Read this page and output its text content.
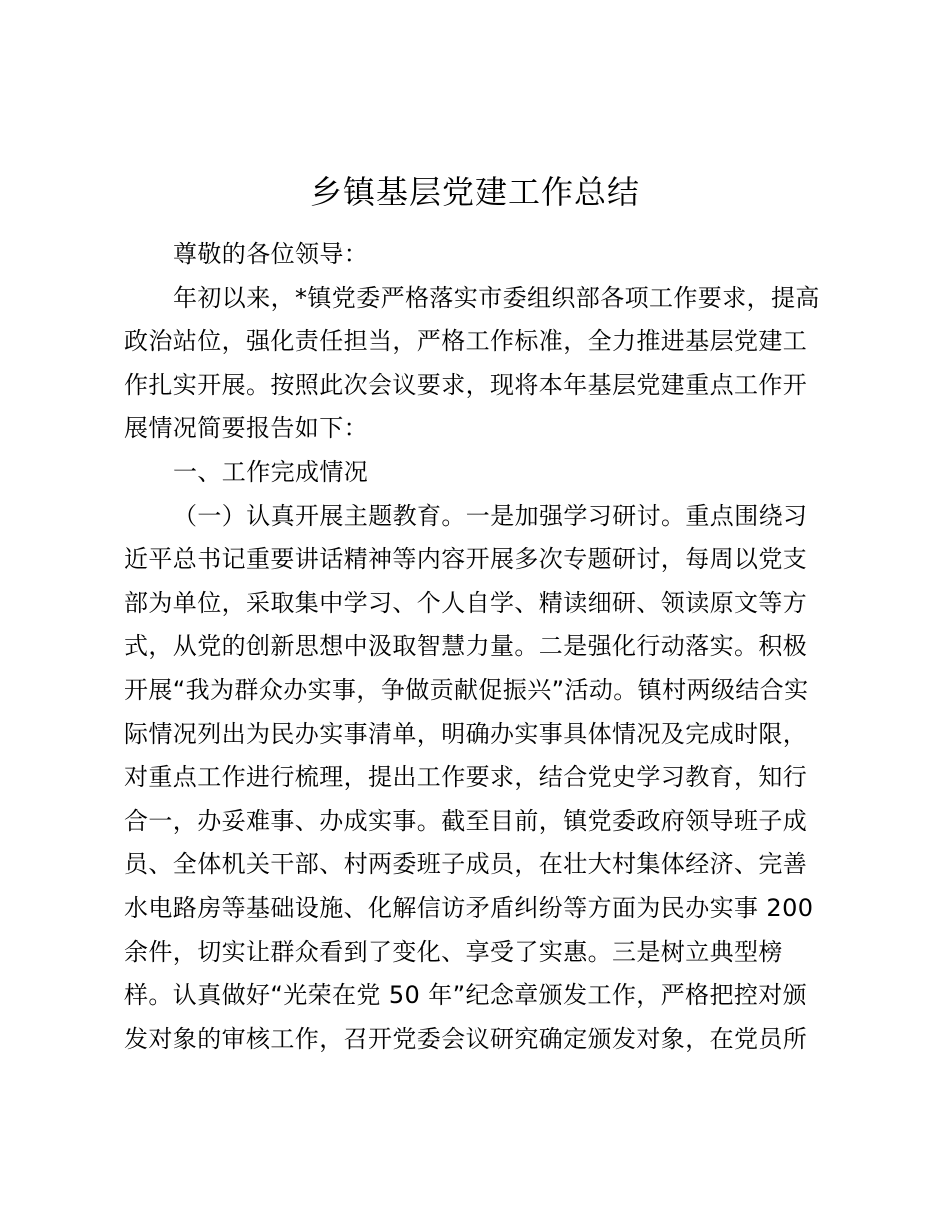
乡镇基层党建工作总结
尊敬的各位领导：

年初以来，*镇党委严格落实市委组织部各项工作要求，提高
政治站位，强化责任担当，严格工作标准，全力推进基层党建工
作扎实开展。按照此次会议要求，现将本年基层党建重点工作开
展情况简要报告如下：

一、工作完成情况

（一）认真开展主题教育。一是加强学习研讨。重点围绕习
近平总书记重要讲话精神等内容开展多次专题研讨，每周以党支
部为单位，采取集中学习、个人自学、精读细研、领读原文等方
式，从党的创新思想中汲取智慧力量。二是强化行动落实。积极
开展“我为群众办实事，争做贡献促振兴”活动。镇村两级结合实
际情况列出为民办实事清单，明确办实事具体情况及完成时限，
对重点工作进行梳理，提出工作要求，结合党史学习教育，知行
合一，办妥难事、办成实事。截至目前，镇党委政府领导班子成
员、全体机关干部、村两委班子成员，在壮大村集体经济、完善
水电路房等基础设施、化解信访矛盾纠纷等方面为民办实事 200
余件，切实让群众看到了变化、享受了实惠。三是树立典型榜
样。认真做好“光荣在党 50 年”纪念章颁发工作，严格把控对颁
发对象的审核工作，召开党委会议研究确定颁发对象，在党员所
